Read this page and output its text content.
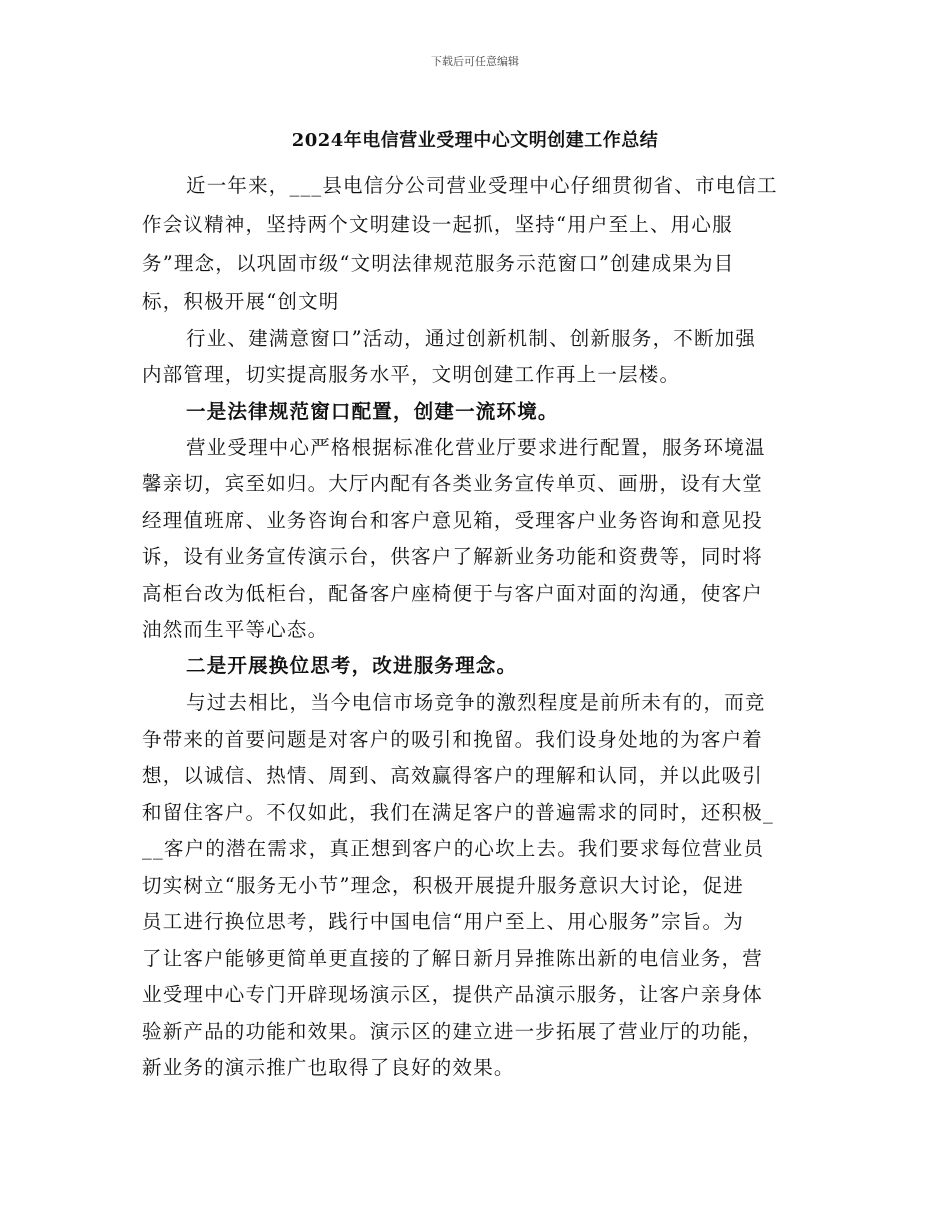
下载后可任意编辑
2024年电信营业受理中心文明创建工作总结
近一年来，___县电信分公司营业受理中心仔细贯彻省、市电信工
作会议精神，坚持两个文明建设一起抓，坚持“用户至上、用心服
务”理念，以巩固市级“文明法律规范服务示范窗口”创建成果为目
标，积极开展“创文明
行业、建满意窗口”活动，通过创新机制、创新服务，不断加强
内部管理，切实提高服务水平，文明创建工作再上一层楼。
一是法律规范窗口配置，创建一流环境。
营业受理中心严格根据标准化营业厅要求进行配置，服务环境温
馨亲切，宾至如归。大厅内配有各类业务宣传单页、画册，设有大堂
经理值班席、业务咨询台和客户意见箱，受理客户业务咨询和意见投
诉，设有业务宣传演示台，供客户了解新业务功能和资费等，同时将
高柜台改为低柜台，配备客户座椅便于与客户面对面的沟通，使客户
油然而生平等心态。
二是开展换位思考，改进服务理念。
与过去相比，当今电信市场竞争的激烈程度是前所未有的，而竞
争带来的首要问题是对客户的吸引和挽留。我们设身处地的为客户着
想，以诚信、热情、周到、高效赢得客户的理解和认同，并以此吸引
和留住客户。不仅如此，我们在满足客户的普遍需求的同时，还积极_
__客户的潜在需求，真正想到客户的心坎上去。我们要求每位营业员
切实树立“服务无小节”理念，积极开展提升服务意识大讨论，促进
员工进行换位思考，践行中国电信“用户至上、用心服务”宗旨。为
了让客户能够更简单更直接的了解日新月异推陈出新的电信业务，营
业受理中心专门开辟现场演示区，提供产品演示服务，让客户亲身体
验新产品的功能和效果。演示区的建立进一步拓展了营业厅的功能，
新业务的演示推广也取得了良好的效果。
